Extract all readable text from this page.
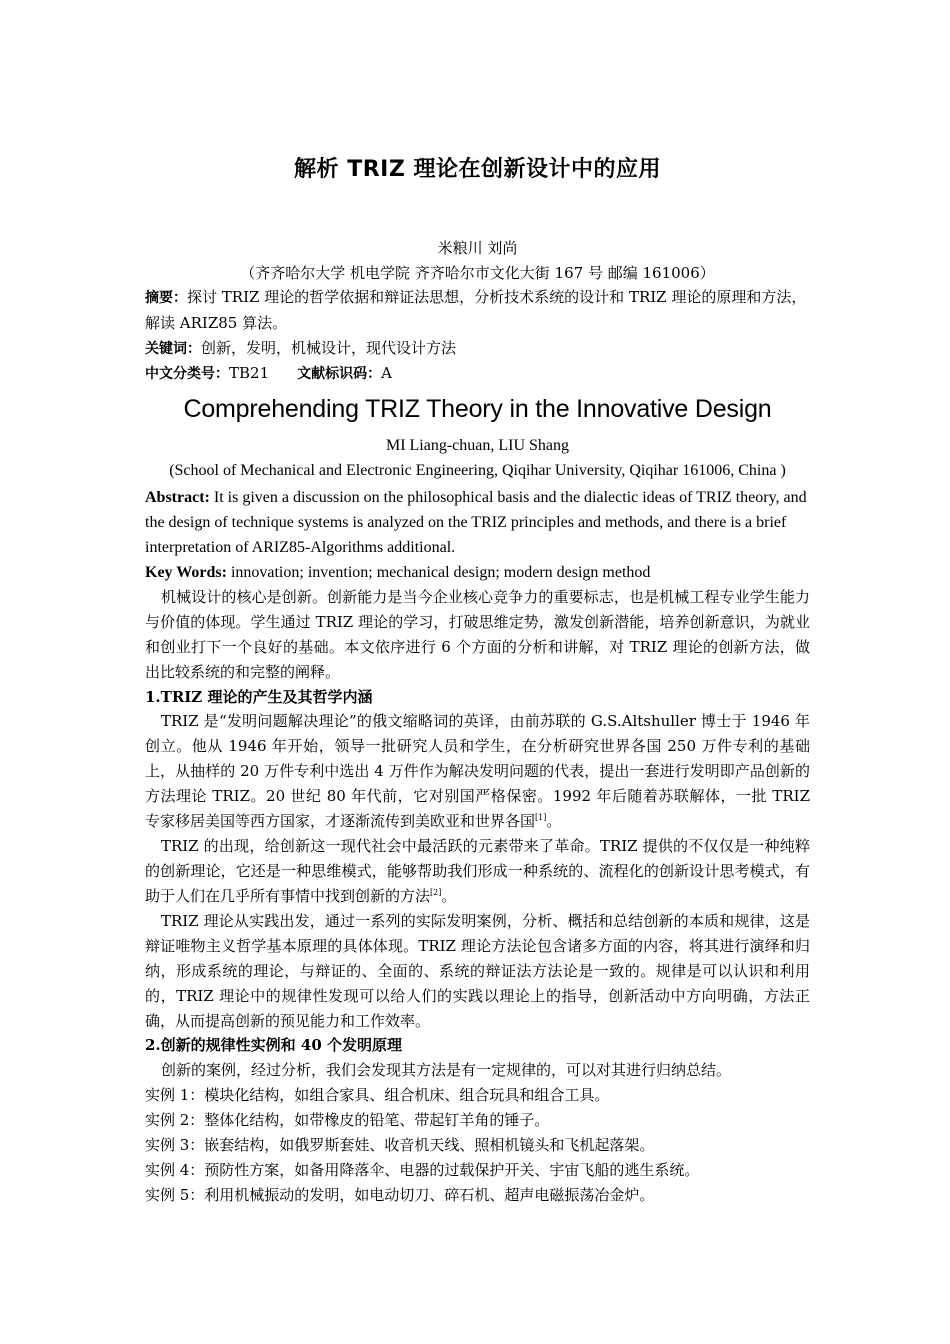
解析 TRIZ 理论在创新设计中的应用
米粮川 刘尚
（齐齐哈尔大学 机电学院 齐齐哈尔市文化大街 167 号 邮编 161006）
摘要：探讨 TRIZ 理论的哲学依据和辩证法思想，分析技术系统的设计和 TRIZ 理论的原理和方法，解读 ARIZ85 算法。
关键词：创新，发明，机械设计，现代设计方法
中文分类号：TB21 文献标识码：A
Comprehending TRIZ Theory in the Innovative Design
MI Liang-chuan, LIU Shang
(School of Mechanical and Electronic Engineering, Qiqihar University, Qiqihar 161006, China )
Abstract: It is given a discussion on the philosophical basis and the dialectic ideas of TRIZ theory, and the design of technique systems is analyzed on the TRIZ principles and methods, and there is a brief interpretation of ARIZ85-Algorithms additional.
Key Words: innovation; invention; mechanical design; modern design method
机械设计的核心是创新。创新能力是当今企业核心竞争力的重要标志，也是机械工程专业学生能力与价值的体现。学生通过 TRIZ 理论的学习，打破思维定势，激发创新潜能，培养创新意识，为就业和创业打下一个良好的基础。本文依序进行 6 个方面的分析和讲解，对 TRIZ 理论的创新方法，做出比较系统的和完整的阐释。
1.TRIZ 理论的产生及其哲学内涵
TRIZ 是“发明问题解决理论”的俄文缩略词的英译，由前苏联的 G.S.Altshuller 博士于 1946 年创立。他从 1946 年开始，领导一批研究人员和学生，在分析研究世界各国 250 万件专利的基础上，从抽样的 20 万件专利中选出 4 万件作为解决发明问题的代表，提出一套进行发明即产品创新的方法理论 TRIZ。20 世纪 80 年代前，它对别国严格保密。1992 年后随着苏联解体，一批 TRIZ 专家移居美国等西方国家，才逐渐流传到美欧亚和世界各国[1]。
TRIZ 的出现，给创新这一现代社会中最活跃的元素带来了革命。TRIZ 提供的不仅仅是一种纯粹的创新理论，它还是一种思维模式，能够帮助我们形成一种系统的、流程化的创新设计思考模式，有助于人们在几乎所有事情中找到创新的方法[2]。
TRIZ 理论从实践出发，通过一系列的实际发明案例，分析、概括和总结创新的本质和规律，这是辩证唯物主义哲学基本原理的具体体现。TRIZ 理论方法论包含诸多方面的内容，将其进行演绎和归纳，形成系统的理论，与辩证的、全面的、系统的辩证法方法论是一致的。规律是可以认识和利用的，TRIZ 理论中的规律性发现可以给人们的实践以理论上的指导，创新活动中方向明确，方法正确，从而提高创新的预见能力和工作效率。
2.创新的规律性实例和 40 个发明原理
创新的案例，经过分析，我们会发现其方法是有一定规律的，可以对其进行归纳总结。
实例 1：模块化结构，如组合家具、组合机床、组合玩具和组合工具。
实例 2：整体化结构，如带橡皮的铅笔、带起钉羊角的锤子。
实例 3：嵌套结构，如俄罗斯套娃、收音机天线、照相机镜头和飞机起落架。
实例 4：预防性方案，如备用降落伞、电器的过载保护开关、宇宙飞船的逃生系统。
实例 5：利用机械振动的发明，如电动切刀、碎石机、超声电磁振荡冶金炉。
